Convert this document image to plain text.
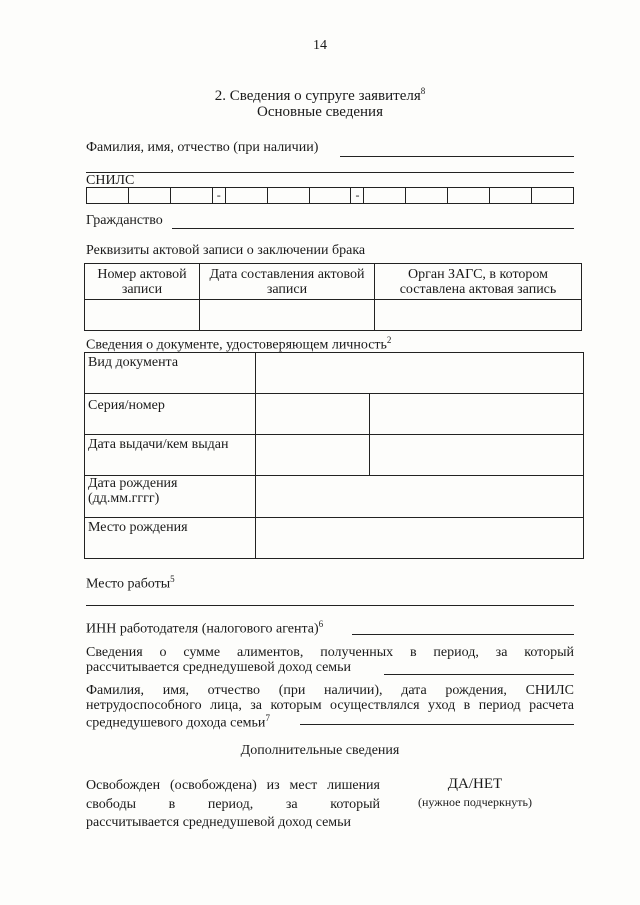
14
2. Сведения о супруге заявителя$^8$
Основные сведения
Фамилия, имя, отчество (при наличии)
СНИЛС
			-				-					
Гражданство
Реквизиты актовой записи о заключении брака
Номер актовой записи	Дата составления актовой записи	Орган ЗАГС, в котором составлена актовая запись

Сведения о документе, удостоверяющем личность$^2$
Вид документа		
Серия/номер		
Дата выдачи/кем выдан		
Дата рождения (дд.мм.гггг)		
Место рождения		
Место работы$^5$
ИНН работодателя (налогового агента)$^6$
Сведения о сумме алиментов, полученных в период, за который
рассчитывается среднедушевой доход семьи
Фамилия, имя, отчество (при наличии), дата рождения, СНИЛС
нетрудоспособного лица, за которым осуществлялся уход в период расчета
среднедушевого дохода семьи$^7$
Дополнительные сведения
Освобожден (освобождена) из мест лишения
свободы в период, за который
рассчитывается среднедушевой доход семьи
ДА/НЕТ
(нужное подчеркнуть)
